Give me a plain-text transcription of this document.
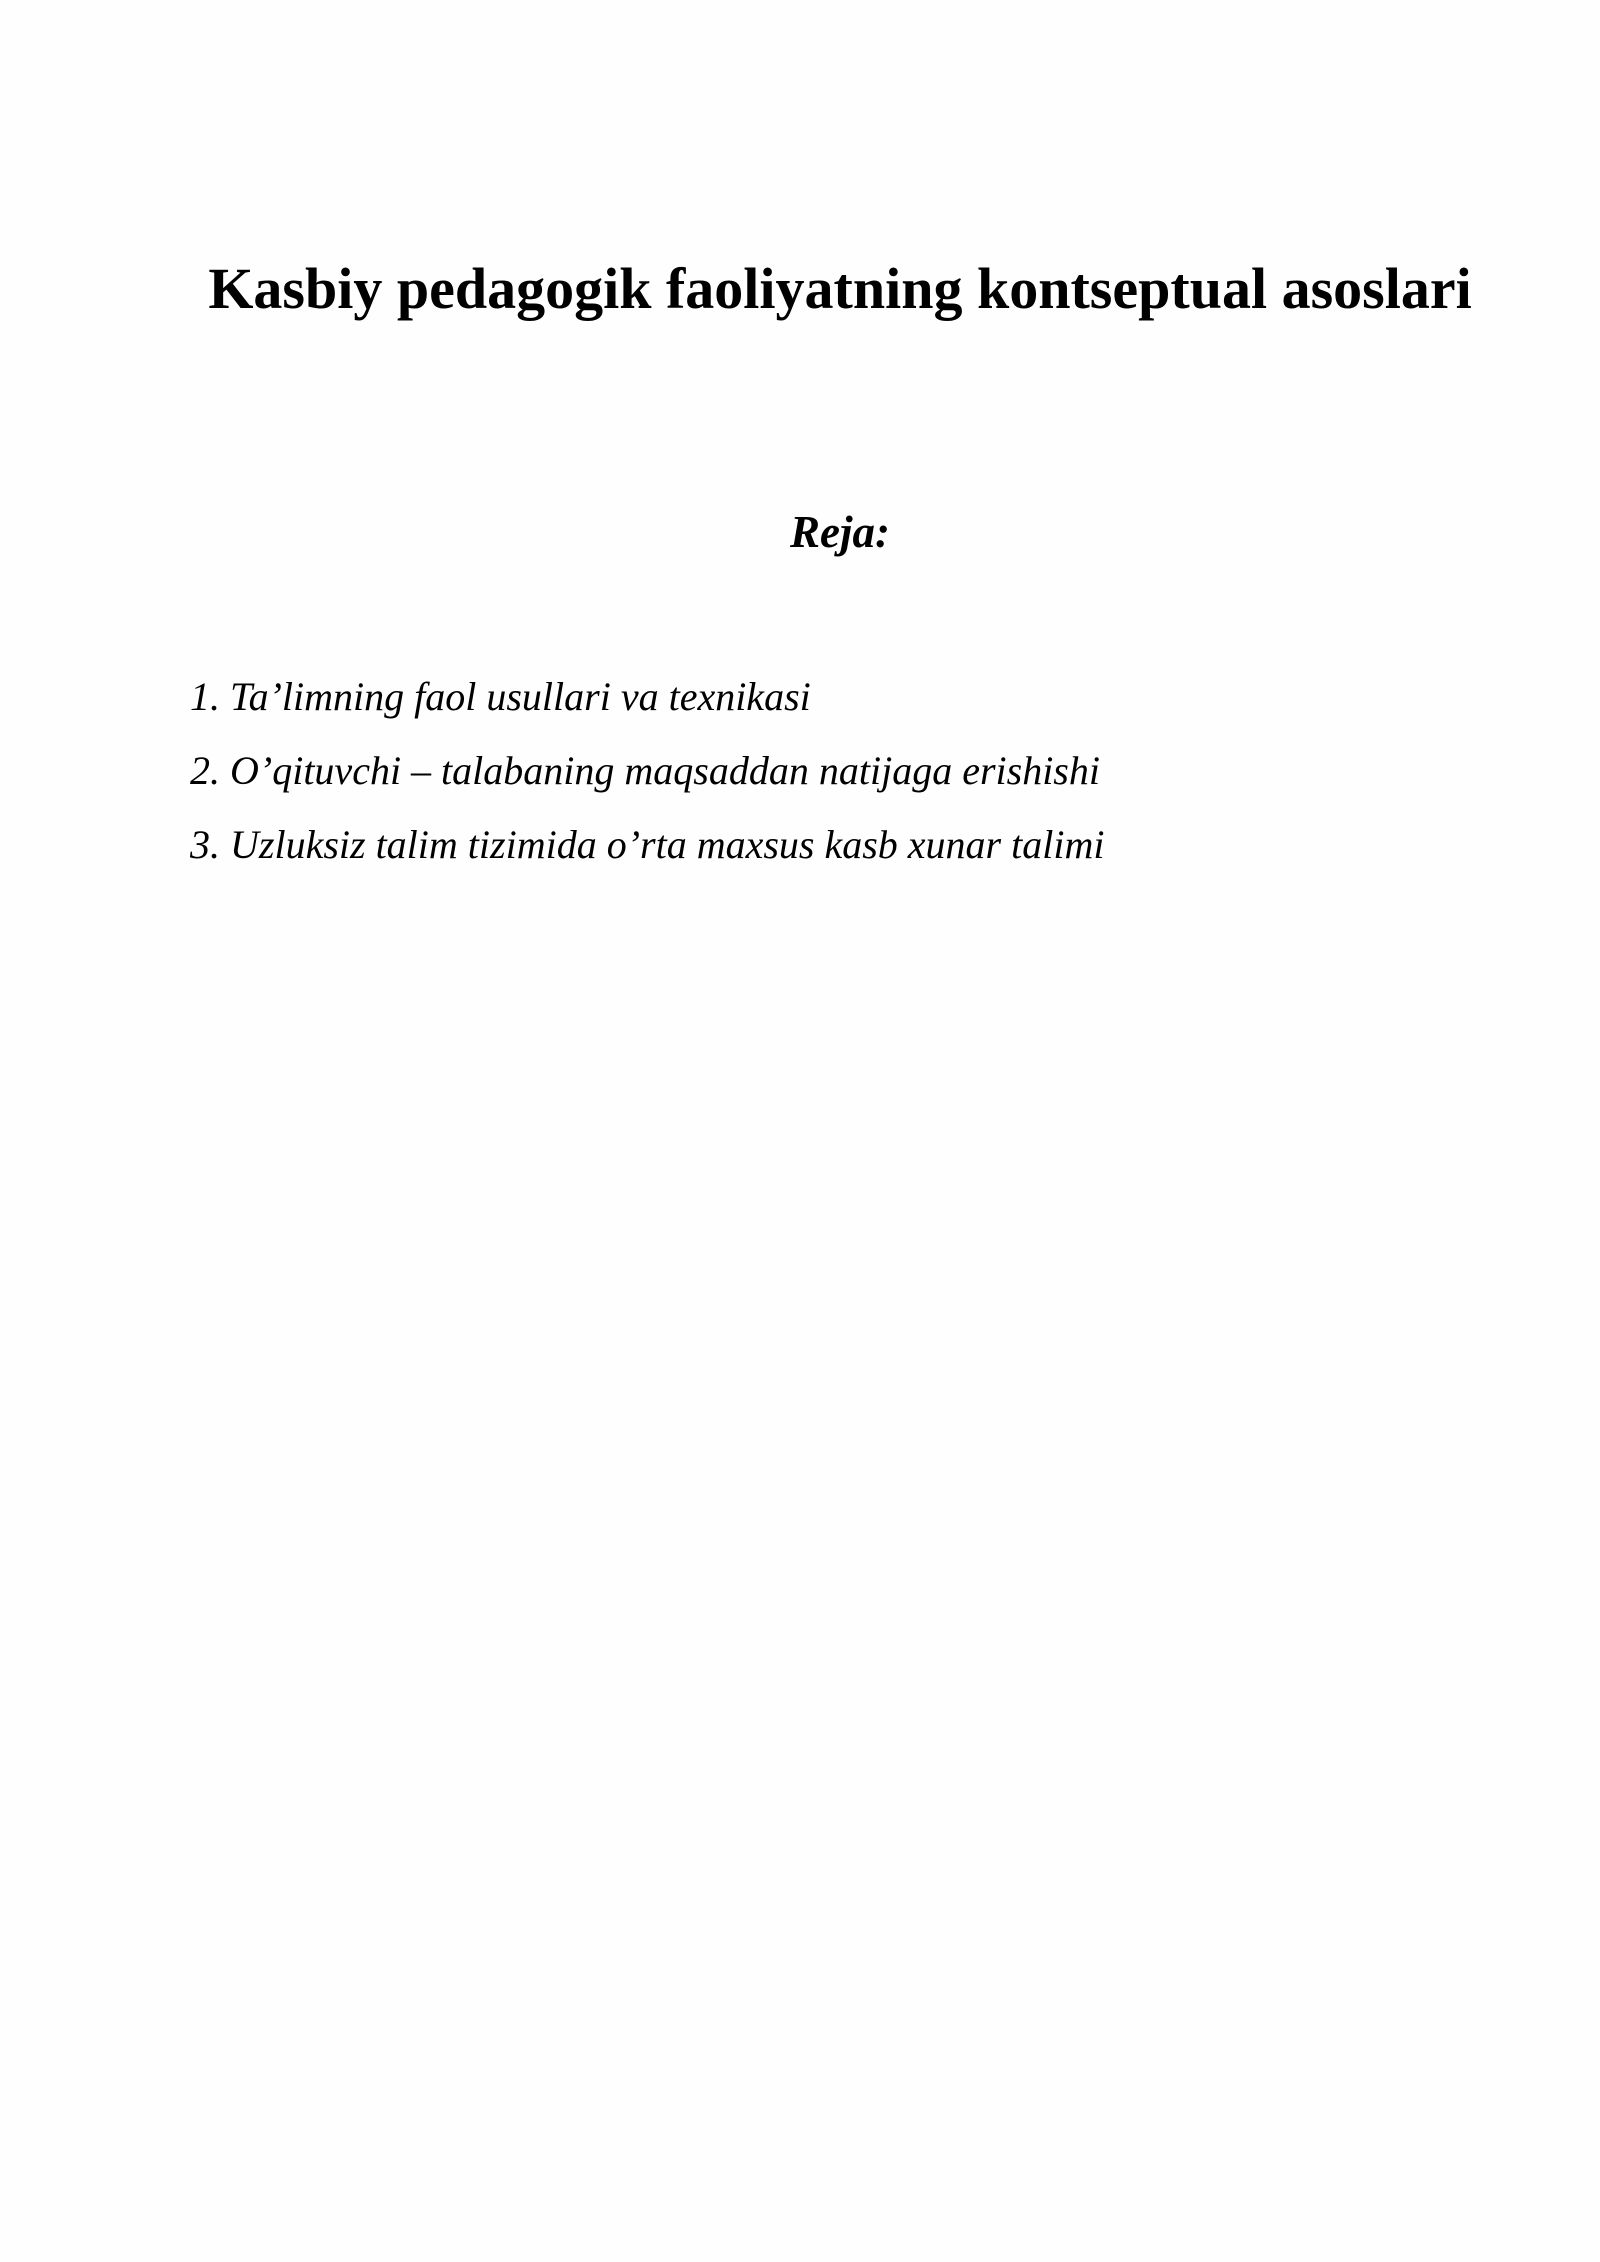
Kasbiy pedagogik faoliyatning kontseptual asoslari
Reja:
1. Ta’limning faol usullari va texnikasi
2. O’qituvchi – talabaning maqsaddan natijaga erishishi
3. Uzluksiz talim tizimida o’rta maxsus kasb xunar talimi
